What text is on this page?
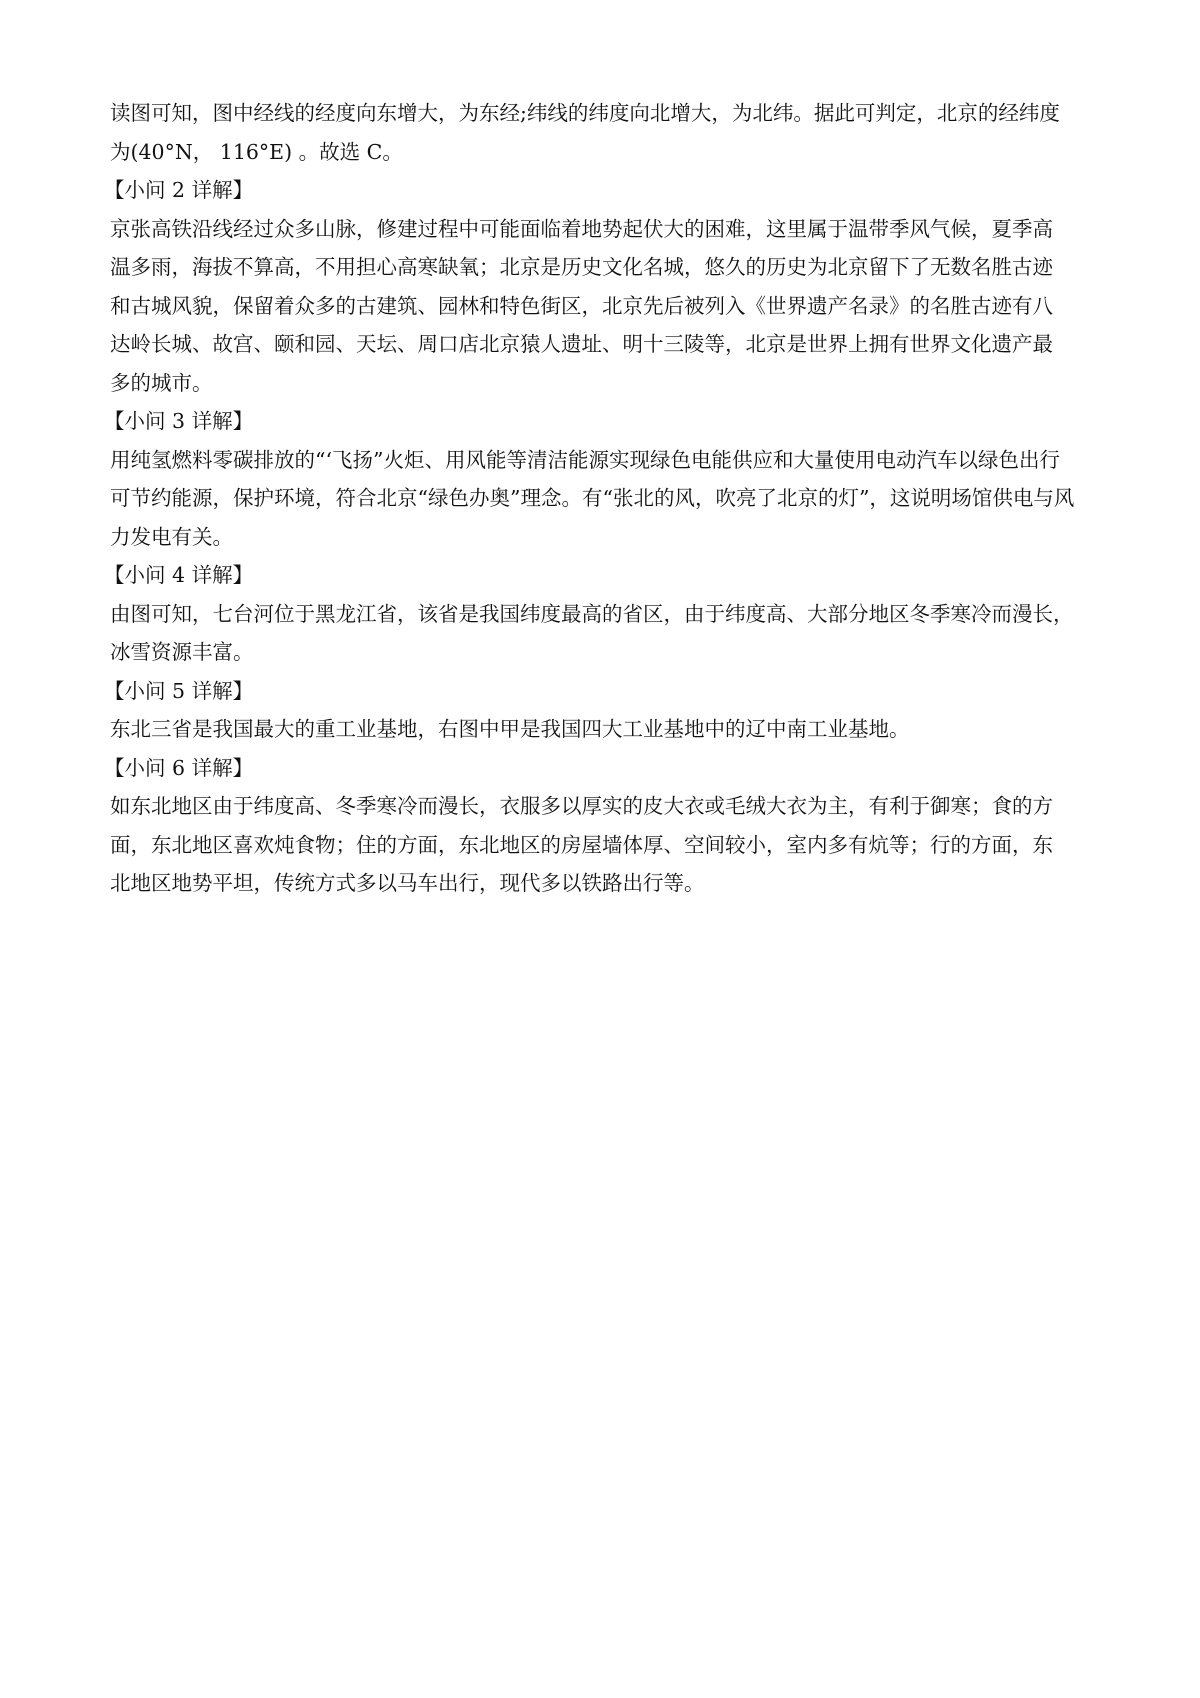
读图可知，图中经线的经度向东增大，为东经;纬线的纬度向北增大，为北纬。据此可判定，北京的经纬度
为(40°N， 116°E) 。故选 C。
【小问 2 详解】
京张高铁沿线经过众多山脉，修建过程中可能面临着地势起伏大的困难，这里属于温带季风气候，夏季高
温多雨，海拔不算高，不用担心高寒缺氧；北京是历史文化名城，悠久的历史为北京留下了无数名胜古迹
和古城风貌，保留着众多的古建筑、园林和特色街区，北京先后被列入《世界遗产名录》的名胜古迹有八
达岭长城、故宫、颐和园、天坛、周口店北京猿人遗址、明十三陵等，北京是世界上拥有世界文化遗产最
多的城市。
【小问 3 详解】
用纯氢燃料零碳排放的“‘飞扬”火炬、用风能等清洁能源实现绿色电能供应和大量使用电动汽车以绿色出行
可节约能源，保护环境，符合北京“绿色办奥”理念。有“张北的风，吹亮了北京的灯”，这说明场馆供电与风
力发电有关。
【小问 4 详解】
由图可知，七台河位于黑龙江省，该省是我国纬度最高的省区，由于纬度高、大部分地区冬季寒冷而漫长，
冰雪资源丰富。
【小问 5 详解】
东北三省是我国最大的重工业基地，右图中甲是我国四大工业基地中的辽中南工业基地。
【小问 6 详解】
如东北地区由于纬度高、冬季寒冷而漫长，衣服多以厚实的皮大衣或毛绒大衣为主，有利于御寒；食的方
面，东北地区喜欢炖食物；住的方面，东北地区的房屋墙体厚、空间较小，室内多有炕等；行的方面，东
北地区地势平坦，传统方式多以马车出行，现代多以铁路出行等。
